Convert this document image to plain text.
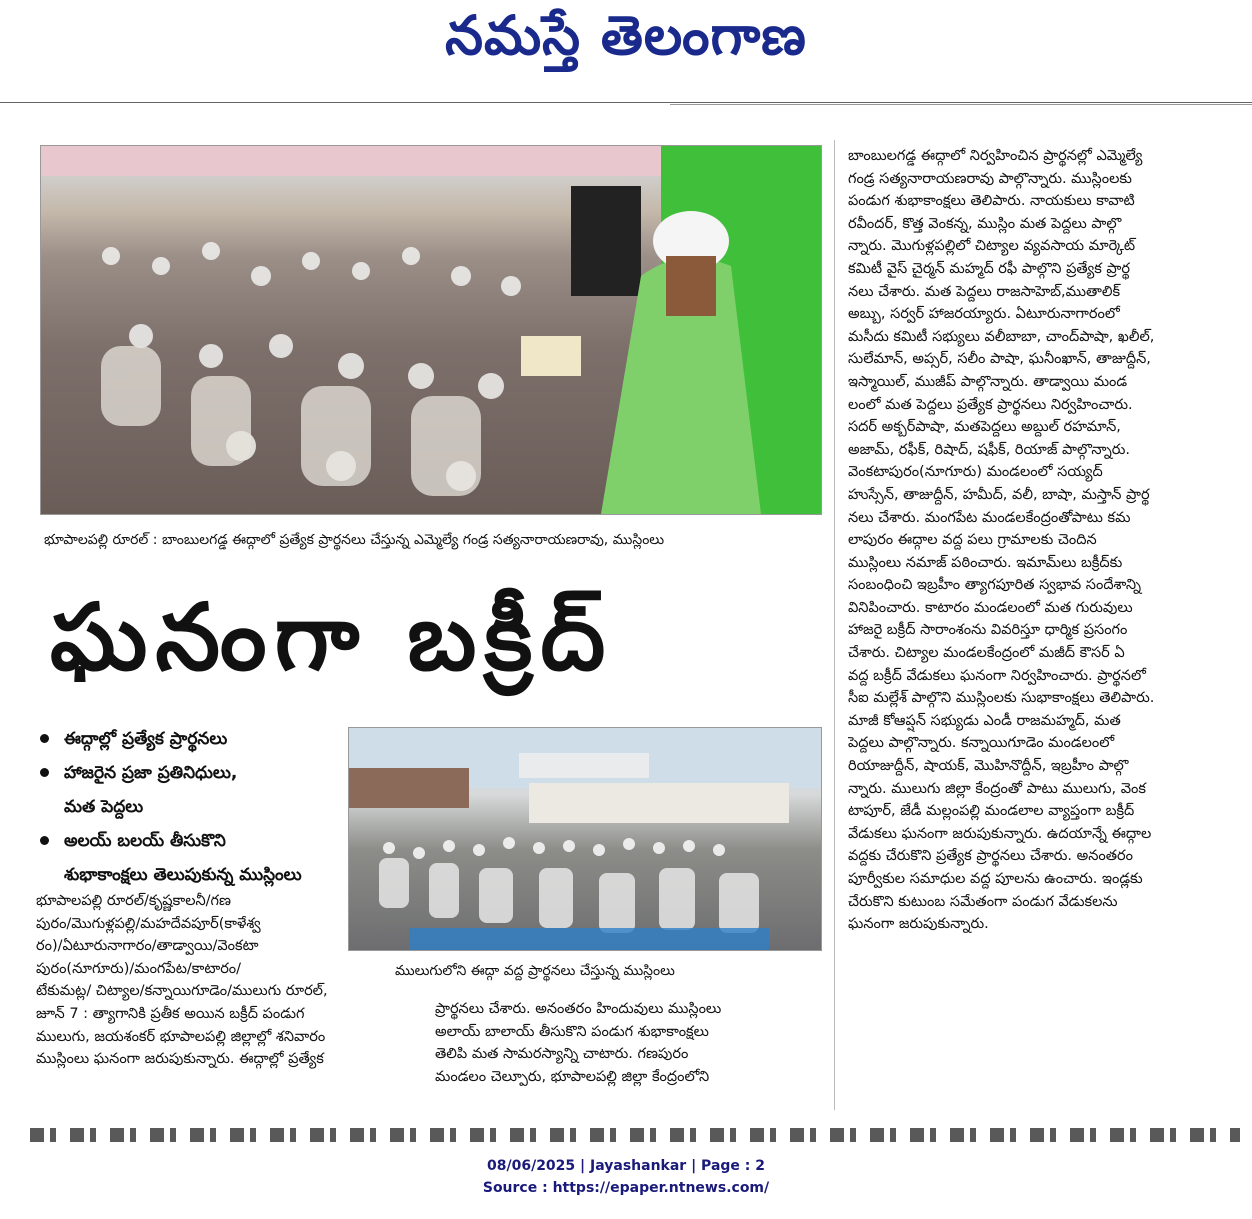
నమస్తే తెలంగాణ
భూపాలపల్లి రూరల్ : బాంబులగడ్డ ఈద్గాలో ప్రత్యేక ప్రార్థనలు చేస్తున్న ఎమ్మెల్యే గండ్ర సత్యనారాయణరావు, ముస్లింలు
ఘనంగా బక్రీద్
ఈద్గాల్లో ప్రత్యేక ప్రార్థనలు
హాజరైన ప్రజా ప్రతినిధులు,
మత పెద్దలు
అలయ్ బలయ్ తీసుకొని
శుభాకాంక్షలు తెలుపుకున్న ముస్లింలు
ములుగులోని ఈద్గా వద్ద ప్రార్థనలు చేస్తున్న ముస్లింలు
భూపాలపల్లి రూరల్/కృష్ణకాలనీ/గణ
పురం/మొగుళ్లపల్లి/మహదేవపూర్(కాళేశ్వ
రం)/ఏటూరునాగారం/తాడ్వాయి/వెంకటా
పురం(నూగూరు)/మంగపేట/కాటారం/
టేకుమట్ల/ చిట్యాల/కన్నాయిగూడెం/ములుగు రూరల్,
జూన్ 7 : త్యాగానికి ప్రతీక అయిన బక్రీద్ పండుగ
ములుగు, జయశంకర్ భూపాలపల్లి జిల్లాల్లో శనివారం
ముస్లింలు ఘనంగా జరుపుకున్నారు. ఈద్గాల్లో ప్రత్యేక
ప్రార్థనలు చేశారు. అనంతరం హిందువులు ముస్లింలు
అలాయ్ బాలాయ్ తీసుకొని పండుగ శుభాకాంక్షలు
తెలిపి మత సామరస్యాన్ని చాటారు. గణపురం
మండలం చెల్పూరు, భూపాలపల్లి జిల్లా కేంద్రంలోని
బాంబులగడ్డ ఈద్గాలో నిర్వహించిన ప్రార్థనల్లో ఎమ్మెల్యే
గండ్ర సత్యనారాయణరావు పాల్గొన్నారు. ముస్లింలకు
పండుగ శుభాకాంక్షలు తెలిపారు. నాయకులు కావాటి
రవీందర్, కొత్త వెంకన్న, ముస్లిం మత పెద్దలు పాల్గొ
న్నారు. మొగుళ్లపల్లిలో చిట్యాల వ్యవసాయ మార్కెట్
కమిటీ వైస్ చైర్మన్ మహ్మద్ రఫీ పాల్గొని ప్రత్యేక ప్రార్థ
నలు చేశారు. మత పెద్దలు రాజసాహెబ్,ముతాలిక్
అబ్బు, సర్వర్ హాజరయ్యారు. ఏటూరునాగారంలో
మసీదు కమిటీ సభ్యులు వలీబాబా, చాంద్‌పాషా, ఖలీల్,
సులేమాన్, అప్సర్, సలీం పాషా, ఘనీంఖాన్, తాజుద్దీన్,
ఇస్మాయిల్, ముజీప్ పాల్గొన్నారు. తాడ్వాయి మండ
లంలో మత పెద్దలు ప్రత్యేక ప్రార్థనలు నిర్వహించారు.
సదర్ అక్బర్‌పాషా, మతపెద్దలు అబ్దుల్ రహమాన్,
అజామ్, రఫీక్, రిషాద్, షఫీక్, రియాజ్ పాల్గొన్నారు.
వెంకటాపురం(నూగూరు) మండలంలో సయ్యద్
హుస్సేన్, తాజుద్దీన్, హమీద్, వలీ, బాషా, మస్తాన్ ప్రార్థ
నలు చేశారు. మంగపేట మండలకేంద్రంతోపాటు కమ
లాపురం ఈద్గాల వద్ద పలు గ్రామాలకు చెందిన
ముస్లింలు నమాజ్ పఠించారు. ఇమామ్‌లు బక్రీద్‌కు
సంబంధించి ఇబ్రహీం త్యాగపూరిత స్వభావ సందేశాన్ని
వినిపించారు. కాటారం మండలంలో మత గురువులు
హాజరై బక్రీద్ సారాంశంను వివరిస్తూ ధార్మిక ప్రసంగం
చేశారు. చిట్యాల మండలకేంద్రంలో మజీద్ కౌసర్ ఏ
వద్ద బక్రీద్ వేడుకలు ఘనంగా నిర్వహించారు. ప్రార్థనలో
సీఐ మల్లేశ్ పాల్గొని ముస్లింలకు సుభాకాంక్షలు తెలిపారు.
మాజీ కోఆప్షన్ సభ్యుడు ఎండీ రాజమహ్మద్, మత
పెద్దలు పాల్గొన్నారు. కన్నాయిగూడెం మండలంలో
రియాజుద్దీన్, షాయక్, మొహినొద్దీన్, ఇబ్రహీం పాల్గొ
న్నారు. ములుగు జిల్లా కేంద్రంతో పాటు ములుగు, వెంక
టాపూర్, జేడీ మల్లంపల్లి మండలాల వ్యాప్తంగా బక్రీద్
వేడుకలు ఘనంగా జరుపుకున్నారు. ఉదయాన్నే ఈద్గాల
వద్దకు చేరుకొని ప్రత్యేక ప్రార్థనలు చేశారు. అనంతరం
పూర్వీకుల సమాధుల వద్ద పూలను ఉంచారు. ఇండ్లకు
చేరుకొని కుటుంబ సమేతంగా పండుగ వేడుకలను
ఘనంగా జరుపుకున్నారు.
08/06/2025 | Jayashankar | Page : 2
Source : https://epaper.ntnews.com/
